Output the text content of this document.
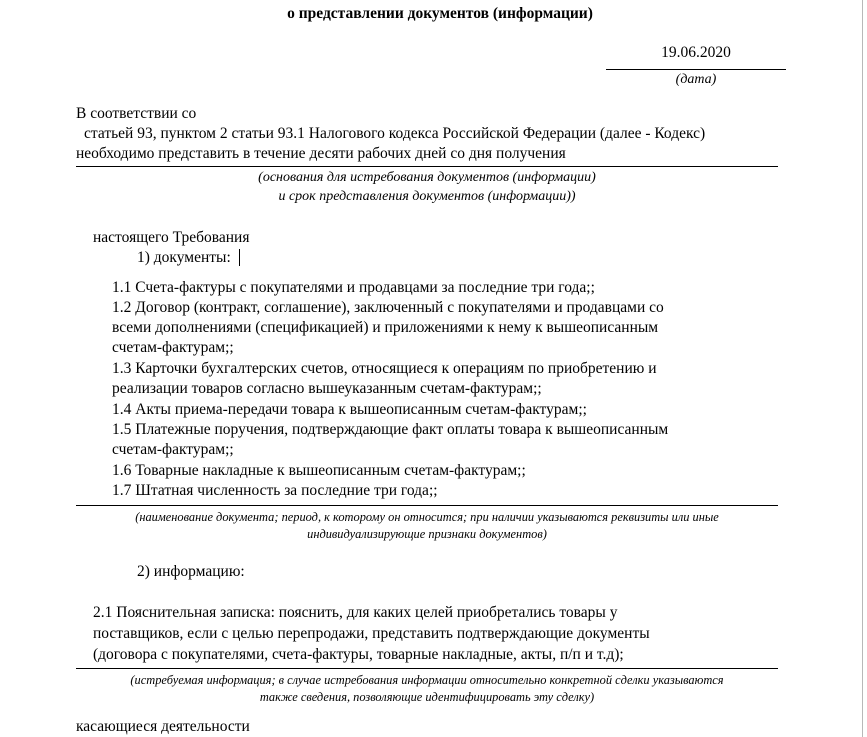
о представлении документов (информации)
19.06.2020
(дата)
В соответствии со
статьей 93, пунктом 2 статьи 93.1 Налогового кодекса Российской Федерации (далее - Кодекс)
необходимо представить в течение десяти рабочих дней со дня получения
(основания для истребования документов (информации)
и срок представления документов (информации))
настоящего Требования
1) документы:
1.1 Счета-фактуры с покупателями и продавцами за последние три года;;
1.2 Договор (контракт, соглашение), заключенный с покупателями и продавцами со
всеми дополнениями (спецификацией) и приложениями к нему к вышеописанным
счетам-фактурам;;
1.3 Карточки бухгалтерских счетов, относящиеся к операциям по приобретению и
реализации товаров согласно вышеуказанным счетам-фактурам;;
1.4 Акты приема-передачи товара к вышеописанным счетам-фактурам;;
1.5 Платежные поручения, подтверждающие факт оплаты товара к вышеописанным
счетам-фактурам;;
1.6 Товарные накладные к вышеописанным счетам-фактурам;;
1.7 Штатная численность за последние три года;;
(наименование документа; период, к которому он относится; при наличии указываются реквизиты или иные
индивидуализирующие признаки документов)
2) информацию:
2.1 Пояснительная записка: пояснить, для каких целей приобретались товары у
поставщиков, если с целью перепродажи, представить подтверждающие документы
(договора с покупателями, счета-фактуры, товарные накладные, акты, п/п и т.д);
(истребуемая информация; в случае истребования информации относительно конкретной сделки указываются
также сведения, позволяющие идентифицировать эту сделку)
касающиеся деятельности
